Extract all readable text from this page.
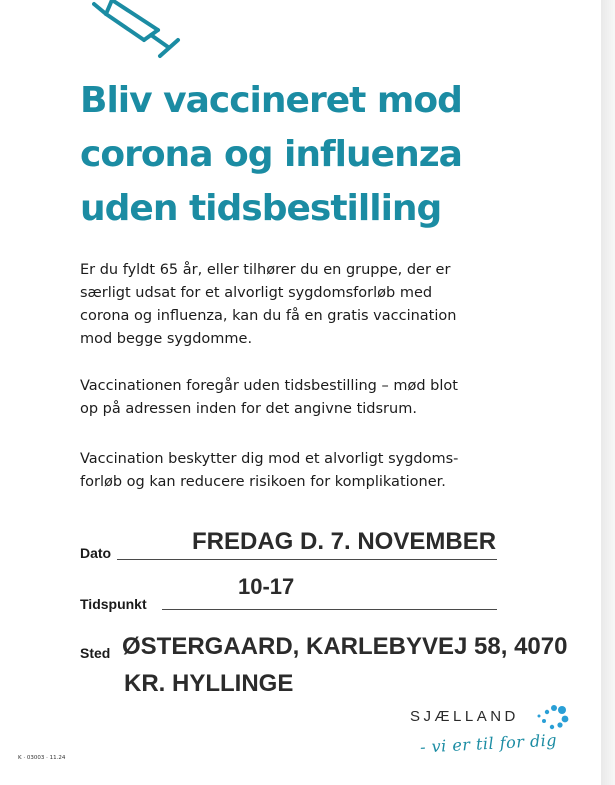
Bliv vaccineret mod
corona og influenza
uden tidsbestilling

Er du fyldt 65 år, eller tilhører du en gruppe, der er
særligt udsat for et alvorligt sygdomsforløb med
corona og influenza, kan du få en gratis vaccination
mod begge sygdomme.

Vaccinationen foregår uden tidsbestilling – mød blot
op på adressen inden for det angivne tidsrum.

Vaccination beskytter dig mod et alvorligt sygdoms-
forløb og kan reducere risikoen for komplikationer.

Dato	FREDAG D. 7. NOVEMBER
Tidspunkt
10-17
Sted ØSTERGAARD, KARLEBYVEJ 58, 4070
KR. HYLLINGE
SJÆLLAND
- vi er til for dig
K · 03003 · 11.24
